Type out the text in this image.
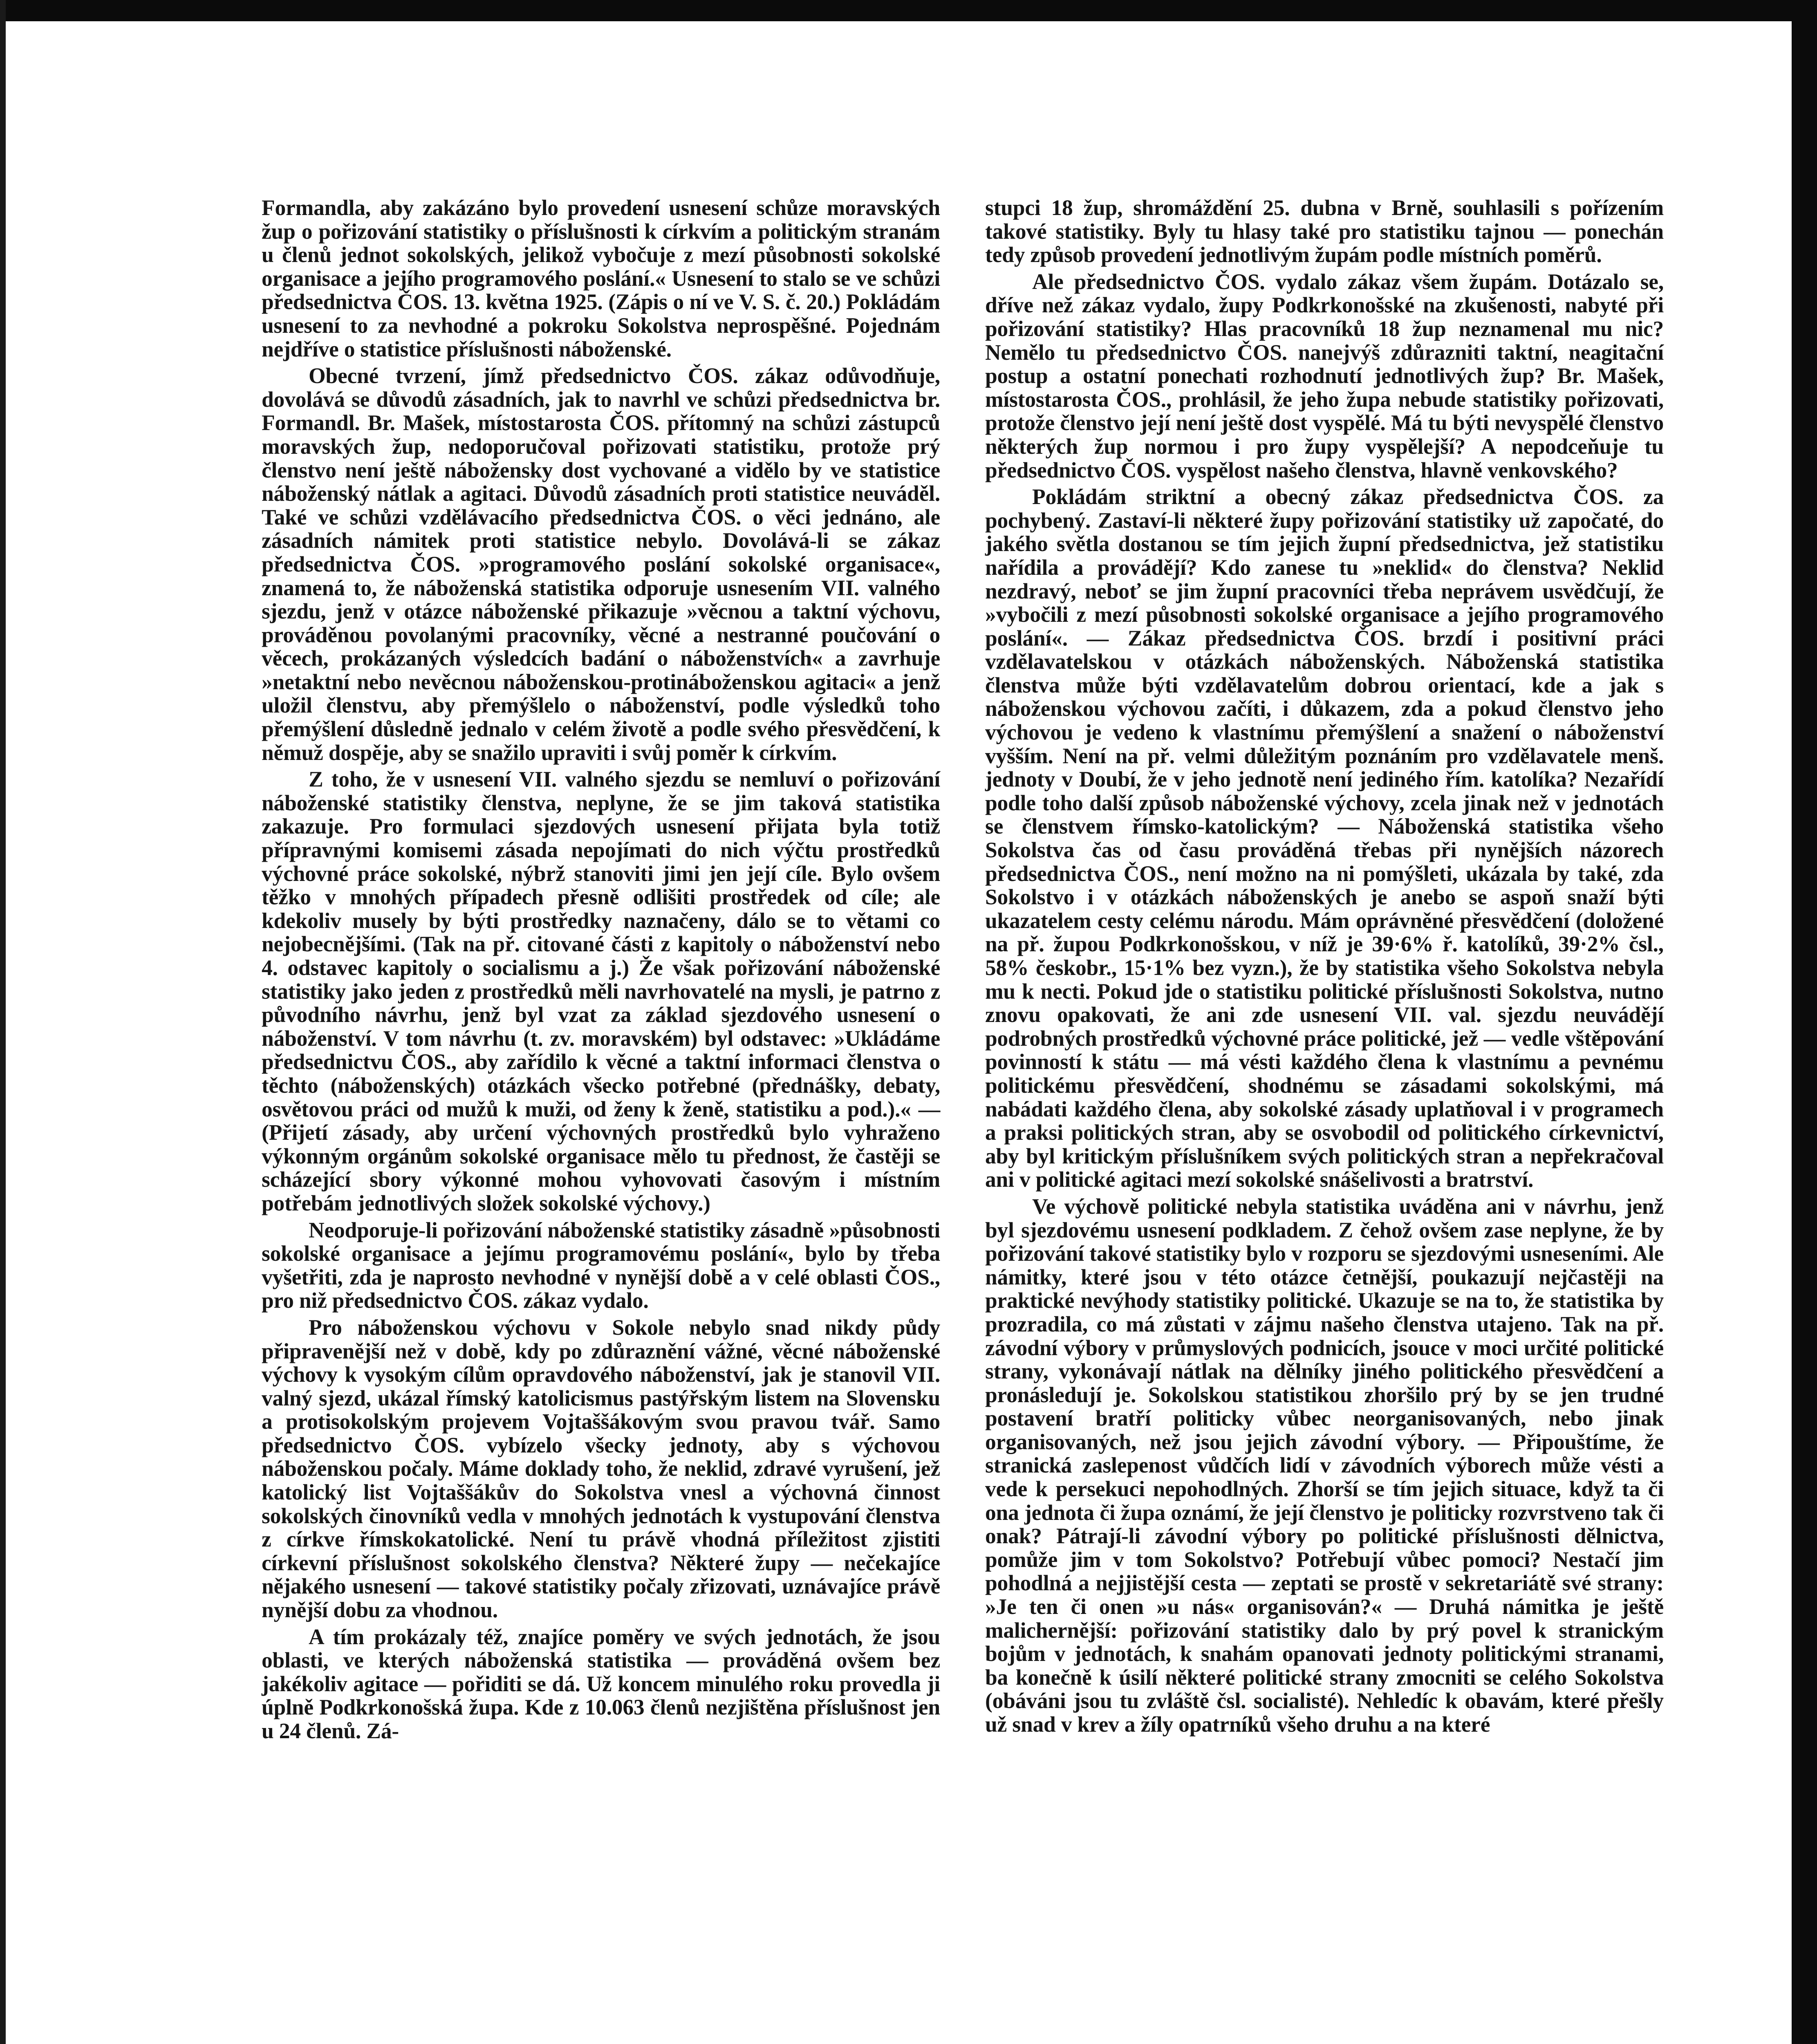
Formandla, aby zakázáno bylo provedení usnesení schůze moravských žup o pořizování statistiky o příslušnosti k církvím a politickým stranám u členů jednot sokolských, jelikož vybočuje z mezí působnosti sokolské organisace a jejího programového poslání.« Usnesení to stalo se ve schůzi předsednictva ČOS. 13. května 1925. (Zápis o ní ve V. S. č. 20.) Pokládám usnesení to za nevhodné a pokroku Sokolstva neprospěšné. Pojednám nejdříve o statistice příslušnosti náboženské.

Obecné tvrzení, jímž předsednictvo ČOS. zákaz odůvodňuje, dovolává se důvodů zásadních, jak to navrhl ve schůzi předsednictva br. Formandl. Br. Mašek, místostarosta ČOS. přítomný na schůzi zástupců moravských žup, nedoporučoval pořizovati statistiku, protože prý členstvo není ještě nábožensky dost vychované a vidělo by ve statistice náboženský nátlak a agitaci. Důvodů zásadních proti statistice neuváděl. Také ve schůzi vzdělávacího předsednictva ČOS. o věci jednáno, ale zásadních námitek proti statistice nebylo. Dovolává-li se zákaz předsednictva ČOS. »programového poslání sokolské organisace«, znamená to, že náboženská statistika odporuje usnesením VII. valného sjezdu, jenž v otázce náboženské přikazuje »věcnou a taktní výchovu, prováděnou povolanými pracovníky, věcné a nestranné poučování o věcech, prokázaných výsledcích badání o náboženstvích« a zavrhuje »netaktní nebo nevěcnou náboženskou-protináboženskou agitaci« a jenž uložil členstvu, aby přemýšlelo o náboženství, podle výsledků toho přemýšlení důsledně jednalo v celém životě a podle svého přesvědčení, k němuž dospěje, aby se snažilo upraviti i svůj poměr k církvím.

Z toho, že v usnesení VII. valného sjezdu se nemluví o pořizování náboženské statistiky členstva, neplyne, že se jim taková statistika zakazuje. Pro formulaci sjezdových usnesení přijata byla totiž přípravnými komisemi zásada nepojímati do nich výčtu prostředků výchovné práce sokolské, nýbrž stanoviti jimi jen její cíle. Bylo ovšem těžko v mnohých případech přesně odlišiti prostředek od cíle; ale kdekoliv musely by býti prostředky naznačeny, dálo se to větami co nejobecnějšími. (Tak na př. citované části z kapitoly o náboženství nebo 4. odstavec kapitoly o socialismu a j.) Že však pořizování náboženské statistiky jako jeden z prostředků měli navrhovatelé na mysli, je patrno z původního návrhu, jenž byl vzat za základ sjezdového usnesení o náboženství. V tom návrhu (t. zv. moravském) byl odstavec: »Ukládáme předsednictvu ČOS., aby zařídilo k věcné a taktní informaci členstva o těchto (náboženských) otázkách všecko potřebné (přednášky, debaty, osvětovou práci od mužů k muži, od ženy k ženě, statistiku a pod.).« — (Přijetí zásady, aby určení výchovných prostředků bylo vyhraženo výkonným orgánům sokolské organisace mělo tu přednost, že častěji se scházející sbory výkonné mohou vyhovovati časovým i místním potřebám jednotlivých složek sokolské výchovy.)

Neodporuje-li pořizování náboženské statistiky zásadně »působnosti sokolské organisace a jejímu programovému poslání«, bylo by třeba vyšetřiti, zda je naprosto nevhodné v nynější době a v celé oblasti ČOS., pro niž předsednictvo ČOS. zákaz vydalo.

Pro náboženskou výchovu v Sokole nebylo snad nikdy půdy připravenější než v době, kdy po zdůraznění vážné, věcné náboženské výchovy k vysokým cílům opravdového náboženství, jak je stanovil VII. valný sjezd, ukázal římský katolicismus pastýřským listem na Slovensku a protisokolským projevem Vojtaššákovým svou pravou tvář. Samo předsednictvo ČOS. vybízelo všecky jednoty, aby s výchovou náboženskou počaly. Máme doklady toho, že neklid, zdravé vyrušení, jež katolický list Vojtaššákův do Sokolstva vnesl a výchovná činnost sokolských činovníků vedla v mnohých jednotách k vystupování členstva z církve římskokatolické. Není tu právě vhodná příležitost zjistiti církevní příslušnost sokolského členstva? Některé župy — nečekajíce nějakého usnesení — takové statistiky počaly zřizovati, uznávajíce právě nynější dobu za vhodnou.

A tím prokázaly též, znajíce poměry ve svých jednotách, že jsou oblasti, ve kterých náboženská statistika — prováděná ovšem bez jakékoliv agitace — pořiditi se dá. Už koncem minulého roku provedla ji úplně Podkrkonošská župa. Kde z 10.063 členů nezjištěna příslušnost jen u 24 členů. Zá-

stupci 18 žup, shromáždění 25. dubna v Brně, souhlasili s pořízením takové statistiky. Byly tu hlasy také pro statistiku tajnou — ponechán tedy způsob provedení jednotlivým župám podle místních poměrů.

Ale předsednictvo ČOS. vydalo zákaz všem župám. Dotázalo se, dříve než zákaz vydalo, župy Podkrkonošské na zkušenosti, nabyté při pořizování statistiky? Hlas pracovníků 18 žup neznamenal mu nic? Nemělo tu předsednictvo ČOS. nanejvýš zdůrazniti taktní, neagitační postup a ostatní ponechati rozhodnutí jednotlivých žup? Br. Mašek, místostarosta ČOS., prohlásil, že jeho župa nebude statistiky pořizovati, protože členstvo její není ještě dost vyspělé. Má tu býti nevyspělé členstvo některých žup normou i pro župy vyspělejší? A nepodceňuje tu předsednictvo ČOS. vyspělost našeho členstva, hlavně venkovského?

Pokládám striktní a obecný zákaz předsednictva ČOS. za pochybený. Zastaví-li některé župy pořizování statistiky už započaté, do jakého světla dostanou se tím jejich župní předsednictva, jež statistiku nařídila a provádějí? Kdo zanese tu »neklid« do členstva? Neklid nezdravý, neboť se jim župní pracovníci třeba neprávem usvědčují, že »vybočili z mezí působnosti sokolské organisace a jejího programového poslání«. — Zákaz předsednictva ČOS. brzdí i positivní práci vzdělavatelskou v otázkách náboženských. Náboženská statistika členstva může býti vzdělavatelům dobrou orientací, kde a jak s náboženskou výchovou začíti, i důkazem, zda a pokud členstvo jeho výchovou je vedeno k vlastnímu přemýšlení a snažení o náboženství vyšším. Není na př. velmi důležitým poznáním pro vzdělavatele menš. jednoty v Doubí, že v jeho jednotě není jediného řím. katolíka? Nezařídí podle toho další způsob náboženské výchovy, zcela jinak než v jednotách se členstvem římsko-katolickým? — Náboženská statistika všeho Sokolstva čas od času prováděná třebas při nynějších názorech předsednictva ČOS., není možno na ni pomýšleti, ukázala by také, zda Sokolstvo i v otázkách náboženských je anebo se aspoň snaží býti ukazatelem cesty celému národu. Mám oprávněné přesvědčení (doložené na př. župou Podkrkonošskou, v níž je 39·6% ř. katolíků, 39·2% čsl., 58% českobr., 15·1% bez vyzn.), že by statistika všeho Sokolstva nebyla mu k necti. Pokud jde o statistiku politické příslušnosti Sokolstva, nutno znovu opakovati, že ani zde usnesení VII. val. sjezdu neuvádějí podrobných prostředků výchovné práce politické, jež — vedle vštěpování povinností k státu — má vésti každého člena k vlastnímu a pevnému politickému přesvědčení, shodnému se zásadami sokolskými, má nabádati každého člena, aby sokolské zásady uplatňoval i v programech a praksi politických stran, aby se osvobodil od politického církevnictví, aby byl kritickým příslušníkem svých politických stran a nepřekračoval ani v politické agitaci mezí sokolské snášelivosti a bratrství.

Ve výchově politické nebyla statistika uváděna ani v návrhu, jenž byl sjezdovému usnesení podkladem. Z čehož ovšem zase neplyne, že by pořizování takové statistiky bylo v rozporu se sjezdovými usneseními. Ale námitky, které jsou v této otázce četnější, poukazují nejčastěji na praktické nevýhody statistiky politické. Ukazuje se na to, že statistika by prozradila, co má zůstati v zájmu našeho členstva utajeno. Tak na př. závodní výbory v průmyslových podnicích, jsouce v moci určité politické strany, vykonávají nátlak na dělníky jiného politického přesvědčení a pronásledují je. Sokolskou statistikou zhoršilo prý by se jen trudné postavení bratří politicky vůbec neorganisovaných, nebo jinak organisovaných, než jsou jejich závodní výbory. — Připouštíme, že stranická zaslepenost vůdčích lidí v závodních výborech může vésti a vede k persekuci nepohodlných. Zhorší se tím jejich situace, když ta či ona jednota či župa oznámí, že její členstvo je politicky rozvrstveno tak či onak? Pátrají-li závodní výbory po politické příslušnosti dělnictva, pomůže jim v tom Sokolstvo? Potřebují vůbec pomoci? Nestačí jim pohodlná a nejjistější cesta — zeptati se prostě v sekretariátě své strany: »Je ten či onen »u nás« organisován?« — Druhá námitka je ještě malichernější: pořizování statistiky dalo by prý povel k stranickým bojům v jednotách, k snahám opanovati jednoty politickými stranami, ba konečně k úsilí některé politické strany zmocniti se celého Sokolstva (obáváni jsou tu zvláště čsl. socialisté). Nehledíc k obavám, které přešly už snad v krev a žíly opatrníků všeho druhu a na které
